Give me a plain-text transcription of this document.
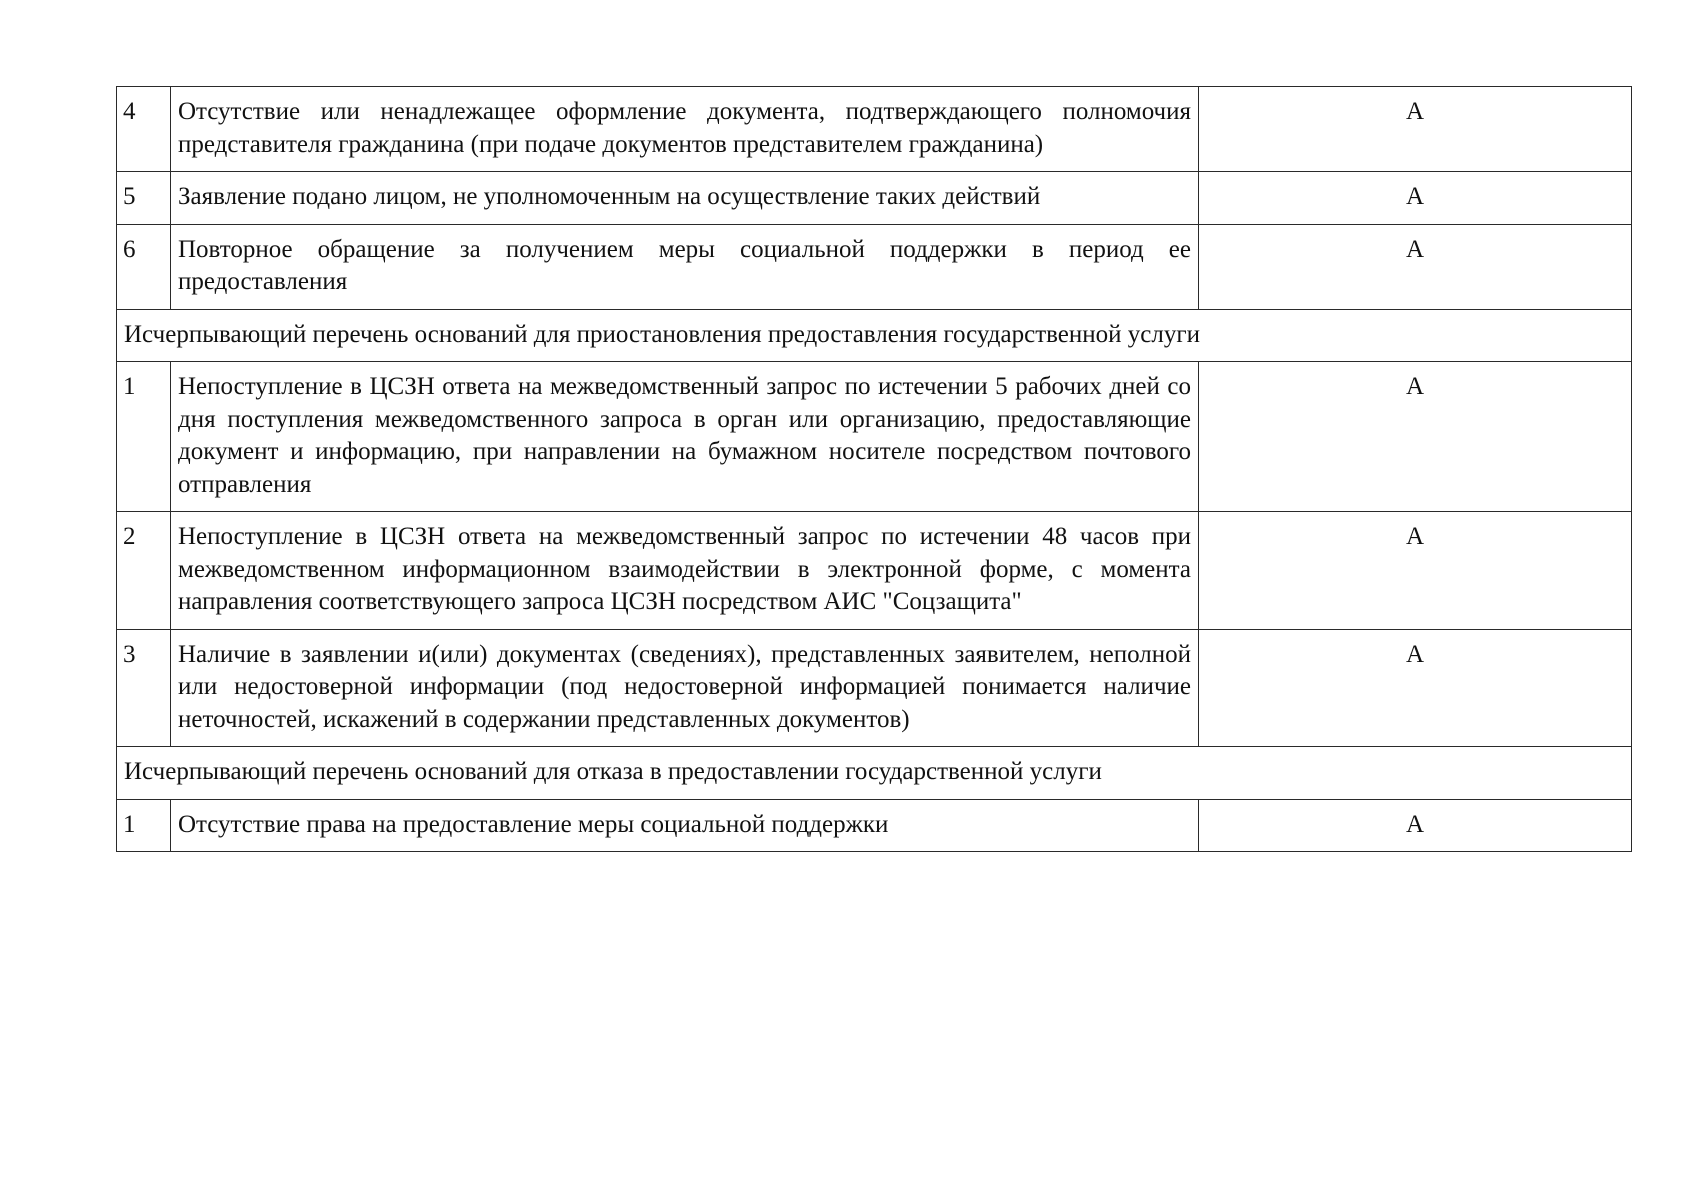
4	Отсутствие или ненадлежащее оформление документа, подтверждающего полномочия представителя гражданина (при подаче документов представителем гражданина)	А
5	Заявление подано лицом, не уполномоченным на осуществление таких действий	А
6	Повторное обращение за получением меры социальной поддержки в период ее предоставления	А
Исчерпывающий перечень оснований для приостановления предоставления государственной услуги		
1	Непоступление в ЦСЗН ответа на межведомственный запрос по истечении 5 рабочих дней со дня поступления межведомственного запроса в орган или организацию, предоставляющие документ и информацию, при направлении на бумажном носителе посредством почтового отправления	А
2	Непоступление в ЦСЗН ответа на межведомственный запрос по истечении 48 часов при межведомственном информационном взаимодействии в электронной форме, с момента направления соответствующего запроса ЦСЗН посредством АИС "Соцзащита"	А
3	Наличие в заявлении и(или) документах (сведениях), представленных заявителем, неполной или недостоверной информации (под недостоверной информацией понимается наличие неточностей, искажений в содержании представленных документов)	А
Исчерпывающий перечень оснований для отказа в предоставлении государственной услуги		
1	Отсутствие права на предоставление меры социальной поддержки	А
